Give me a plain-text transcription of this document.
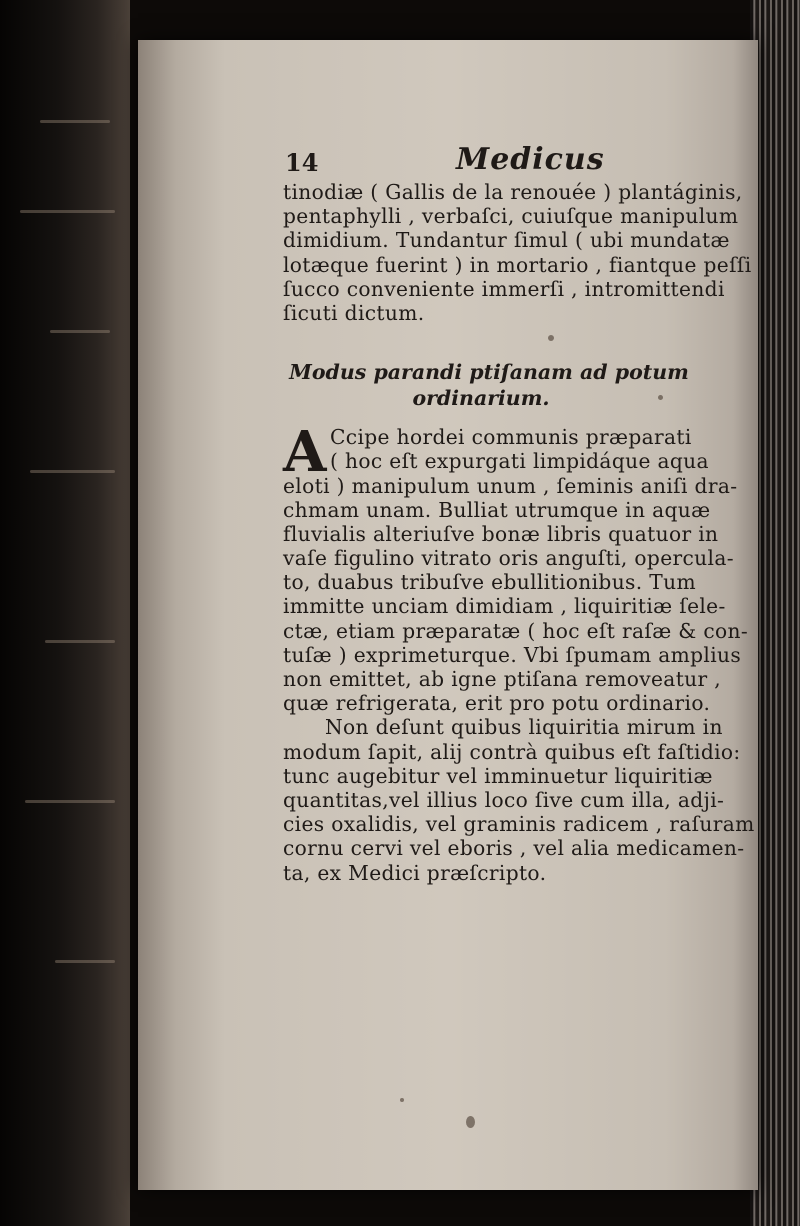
14	Medicus
tinodiæ ( Gallis de la renouée ) plantáginis,
pentaphylli , verbaſci, cuiuſque manipulum
dimidium. Tundantur ſimul ( ubi mundatæ
lotæque fuerint ) in mortario , fiantque peſſi
ſucco conveniente immerſi , intromittendi
ſicuti dictum.
Modus parandi ptiſanam ad potum
ordinarium.
A Ccipe hordei communis præparati
( hoc eſt expurgati limpidáque aqua
eloti ) manipulum unum , ſeminis aniſi dra-
chmam unam. Bulliat utrumque in aquæ
fluvialis alteriuſve bonæ libris quatuor in
vaſe figulino vitrato oris anguſti, opercula-
to, duabus tribuſve ebullitionibus. Tum
immitte unciam dimidiam , liquiritiæ ſele-
ctæ, etiam præparatæ ( hoc eſt raſæ & con-
tuſæ ) exprimeturque. Vbi ſpumam amplius
non emittet, ab igne ptiſana removeatur ,
quæ refrigerata, erit pro potu ordinario.
Non deſunt quibus liquiritia mirum in
modum ſapit, alij contrà quibus eſt faſtidio:
tunc augebitur vel imminuetur liquiritiæ
quantitas,vel illius loco ſive cum illa, adji-
cies oxalidis, vel graminis radicem , raſuram
cornu cervi vel eboris , vel alia medicamen-
ta, ex Medici præſcripto.
